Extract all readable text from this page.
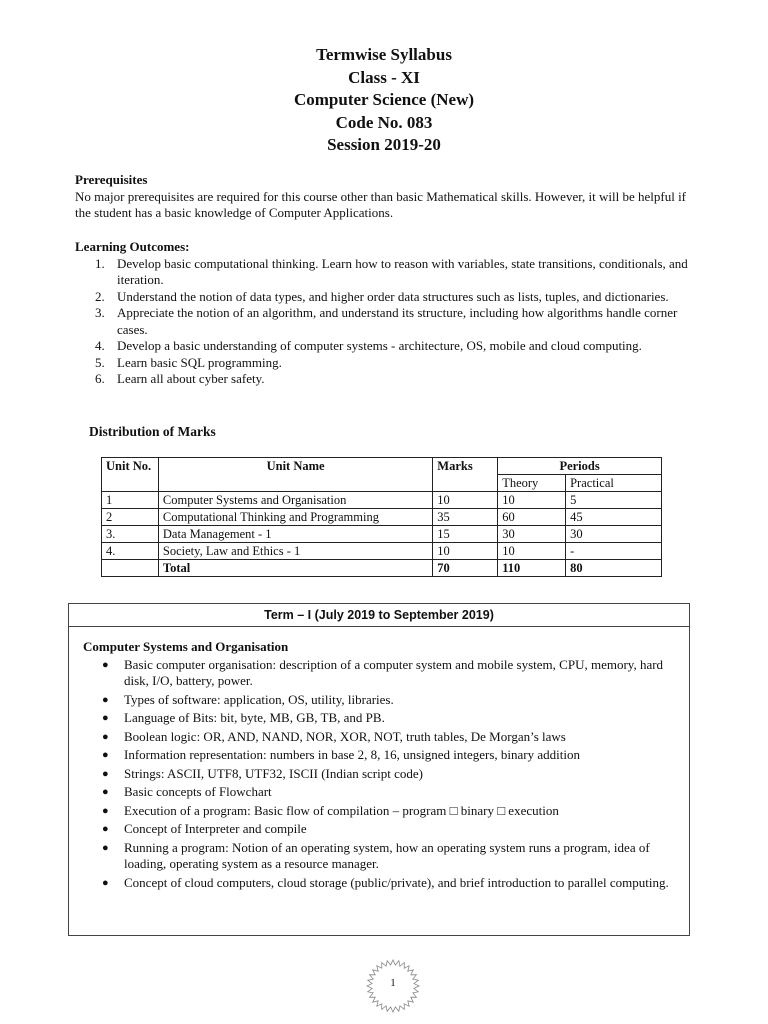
Termwise Syllabus
Class - XI
Computer Science (New)
Code No. 083
Session 2019-20
Prerequisites
No major prerequisites are required for this course other than basic Mathematical skills. However, it will be helpful if the student has a basic knowledge of Computer Applications.
Learning Outcomes:
1. Develop basic computational thinking. Learn how to reason with variables, state transitions, conditionals, and iteration.
2. Understand the notion of data types, and higher order data structures such as lists, tuples, and dictionaries.
3. Appreciate the notion of an algorithm, and understand its structure, including how algorithms handle corner cases.
4. Develop a basic understanding of computer systems - architecture, OS, mobile and cloud computing.
5. Learn basic SQL programming.
6. Learn all about cyber safety.
Distribution of Marks
Unit No.	Unit Name	Marks	Periods	
			Theory	Practical
1	Computer Systems and Organisation	10	10	5
2	Computational Thinking and Programming	35	60	45
3.	Data Management - 1	15	30	30
4.	Society, Law and Ethics - 1	10	10	-
	Total	70	110	80
Term – I (July 2019 to September 2019)
Computer Systems and Organisation
● Basic computer organisation: description of a computer system and mobile system, CPU, memory, hard disk, I/O, battery, power.
● Types of software: application, OS, utility, libraries.
● Language of Bits: bit, byte, MB, GB, TB, and PB.
● Boolean logic: OR, AND, NAND, NOR, XOR, NOT, truth tables, De Morgan’s laws
● Information representation: numbers in base 2, 8, 16, unsigned integers, binary addition
● Strings: ASCII, UTF8, UTF32, ISCII (Indian script code)
● Basic concepts of Flowchart
● Execution of a program: Basic flow of compilation – program □ binary □ execution
● Concept of Interpreter and compile
● Running a program: Notion of an operating system, how an operating system runs a program, idea of loading, operating system as a resource manager.
● Concept of cloud computers, cloud storage (public/private), and brief introduction to parallel computing.
1
